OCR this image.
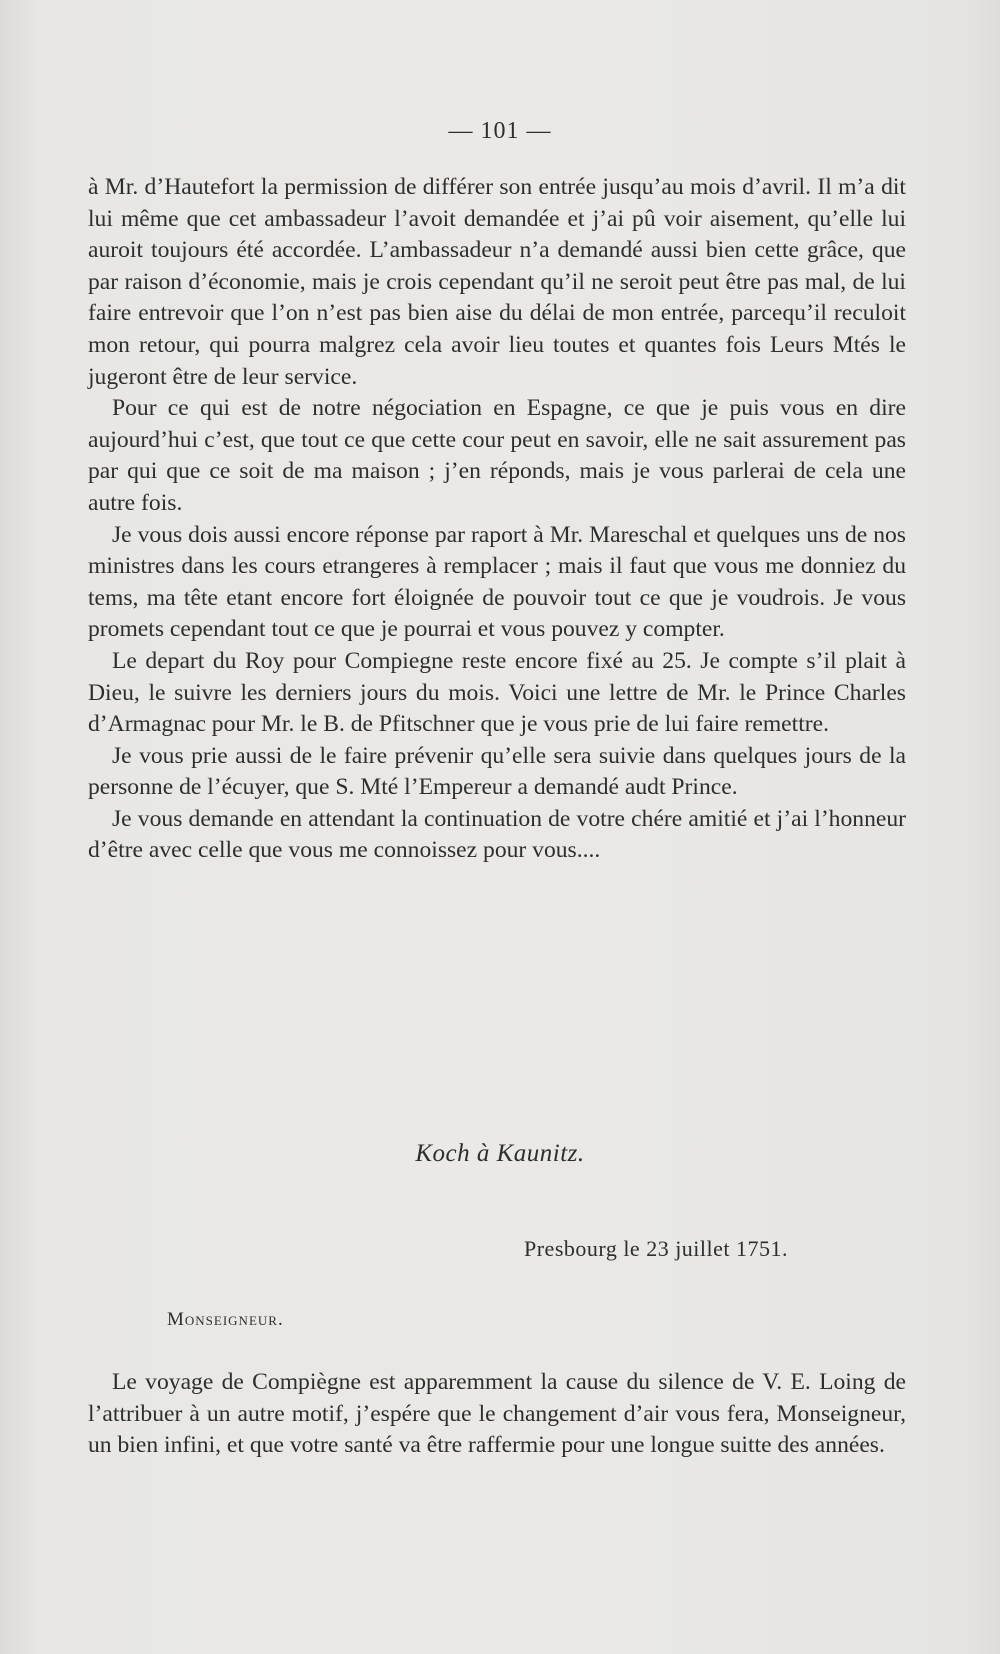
— 101 —

à Mr. d’Hautefort la permission de différer son entrée jusqu’au mois d’avril. Il m’a dit lui même que cet ambassadeur l’avoit demandée et j’ai pû voir aisement, qu’elle lui auroit toujours été accordée. L’ambassadeur n’a demandé aussi bien cette grâce, que par raison d’économie, mais je crois cependant qu’il ne seroit peut être pas mal, de lui faire entrevoir que l’on n’est pas bien aise du délai de mon entrée, parcequ’il reculoit mon retour, qui pourra malgrez cela avoir lieu toutes et quantes fois Leurs Mtés le jugeront être de leur service.

Pour ce qui est de notre négociation en Espagne, ce que je puis vous en dire aujourd’hui c’est, que tout ce que cette cour peut en savoir, elle ne sait assurement pas par qui que ce soit de ma maison ; j’en réponds, mais je vous parlerai de cela une autre fois.

Je vous dois aussi encore réponse par raport à Mr. Mareschal et quelques uns de nos ministres dans les cours etrangeres à remplacer ; mais il faut que vous me donniez du tems, ma tête etant encore fort éloignée de pouvoir tout ce que je voudrois. Je vous promets cependant tout ce que je pourrai et vous pouvez y compter.

Le depart du Roy pour Compiegne reste encore fixé au 25. Je compte s’il plait à Dieu, le suivre les derniers jours du mois. Voici une lettre de Mr. le Prince Charles d’Armagnac pour Mr. le B. de Pfitschner que je vous prie de lui faire remettre.

Je vous prie aussi de le faire prévenir qu’elle sera suivie dans quelques jours de la personne de l’écuyer, que S. Mté l’Empereur a demandé audt Prince.

Je vous demande en attendant la continuation de votre chére amitié et j’ai l’honneur d’être avec celle que vous me connoissez pour vous....

Koch à Kaunitz.
Presbourg le 23 juillet 1751.
Monseigneur.

Le voyage de Compiègne est apparemment la cause du silence de V. E. Loing de l’attribuer à un autre motif, j’espére que le changement d’air vous fera, Monseigneur, un bien infini, et que votre santé va être raffermie pour une longue suitte des années.
